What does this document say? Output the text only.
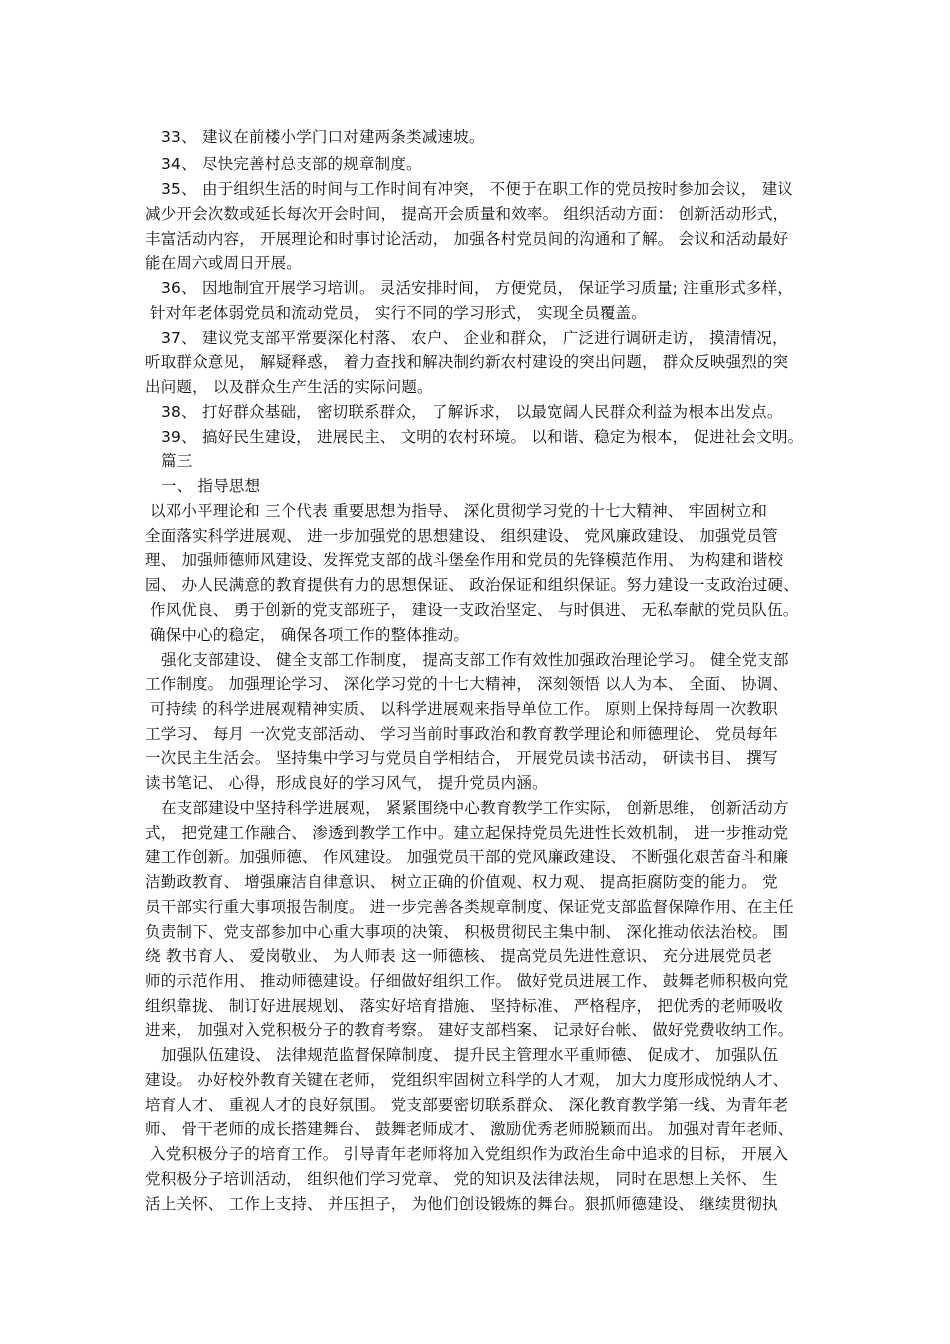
33、 建议在前楼小学门口对建两条类减速坡。
34、 尽快完善村总支部的规章制度。
35、 由于组织生活的时间与工作时间有冲突， 不便于在职工作的党员按时参加会议， 建议
减少开会次数或延长每次开会时间， 提高开会质量和效率。 组织活动方面： 创新活动形式，
丰富活动内容， 开展理论和时事讨论活动， 加强各村党员间的沟通和了解。 会议和活动最好
能在周六或周日开展。
36、 因地制宜开展学习培训。 灵活安排时间， 方便党员， 保证学习质量; 注重形式多样，
针对年老体弱党员和流动党员， 实行不同的学习形式， 实现全员覆盖。
37、 建议党支部平常要深化村落、 农户、 企业和群众， 广泛进行调研走访， 摸清情况，
听取群众意见， 解疑释惑， 着力查找和解决制约新农村建设的突出问题， 群众反映强烈的突
出问题， 以及群众生产生活的实际问题。
38、 打好群众基础， 密切联系群众， 了解诉求， 以最宽阔人民群众利益为根本出发点。
39、 搞好民生建设， 进展民主、 文明的农村环境。 以和谐、稳定为根本， 促进社会文明。
篇三
一、 指导思想
以邓小平理论和 三个代表 重要思想为指导、 深化贯彻学习党的十七大精神、 牢固树立和
全面落实科学进展观、 进一步加强党的思想建设、 组织建设、 党风廉政建设、 加强党员管
理、 加强师德师风建设、发挥党支部的战斗堡垒作用和党员的先锋模范作用、 为构建和谐校
园、 办人民满意的教育提供有力的思想保证、 政治保证和组织保证。努力建设一支政治过硬、
作风优良、 勇于创新的党支部班子， 建设一支政治坚定、 与时俱进、 无私奉献的党员队伍。
确保中心的稳定， 确保各项工作的整体推动。
强化支部建设、 健全支部工作制度， 提高支部工作有效性加强政治理论学习。 健全党支部
工作制度。 加强理论学习、 深化学习党的十七大精神， 深刻领悟 以人为本、 全面、 协调、
可持续 的科学进展观精神实质、 以科学进展观来指导单位工作。 原则上保持每周一次教职
工学习、 每月 一次党支部活动、 学习当前时事政治和教育教学理论和师德理论、 党员每年
一次民主生活会。 坚持集中学习与党员自学相结合， 开展党员读书活动， 研读书目、 撰写
读书笔记、 心得，形成良好的学习风气， 提升党员内涵。
在支部建设中坚持科学进展观， 紧紧围绕中心教育教学工作实际， 创新思维， 创新活动方
式， 把党建工作融合、 渗透到教学工作中。建立起保持党员先进性长效机制， 进一步推动党
建工作创新。加强师德、 作风建设。 加强党员干部的党风廉政建设、 不断强化艰苦奋斗和廉
洁勤政教育、 增强廉洁自律意识、 树立正确的价值观、权力观、 提高拒腐防变的能力。 党
员干部实行重大事项报告制度。 进一步完善各类规章制度、保证党支部监督保障作用、在主任
负责制下、党支部参加中心重大事项的决策、 积极贯彻民主集中制、 深化推动依法治校。 围
绕 教书育人、 爱岗敬业、 为人师表 这一师德核、 提高党员先进性意识、 充分进展党员老
师的示范作用、 推动师德建设。仔细做好组织工作。 做好党员进展工作、 鼓舞老师积极向党
组织靠拢、 制订好进展规划、 落实好培育措施、 坚持标准、 严格程序， 把优秀的老师吸收
进来， 加强对入党积极分子的教育考察。 建好支部档案、 记录好台帐、 做好党费收纳工作。
加强队伍建设、 法律规范监督保障制度、 提升民主管理水平重师德、 促成才、 加强队伍
建设。 办好校外教育关键在老师， 党组织牢固树立科学的人才观， 加大力度形成悦纳人才、
培育人才、 重视人才的良好氛围。 党支部要密切联系群众、 深化教育教学第一线、为青年老
师、 骨干老师的成长搭建舞台、 鼓舞老师成才、 激励优秀老师脱颖而出。 加强对青年老师、
入党积极分子的培育工作。 引导青年老师将加入党组织作为政治生命中追求的目标， 开展入
党积极分子培训活动， 组织他们学习党章、 党的知识及法律法规， 同时在思想上关怀、 生
活上关怀、 工作上支持、 并压担子， 为他们创设锻炼的舞台。狠抓师德建设、 继续贯彻执
